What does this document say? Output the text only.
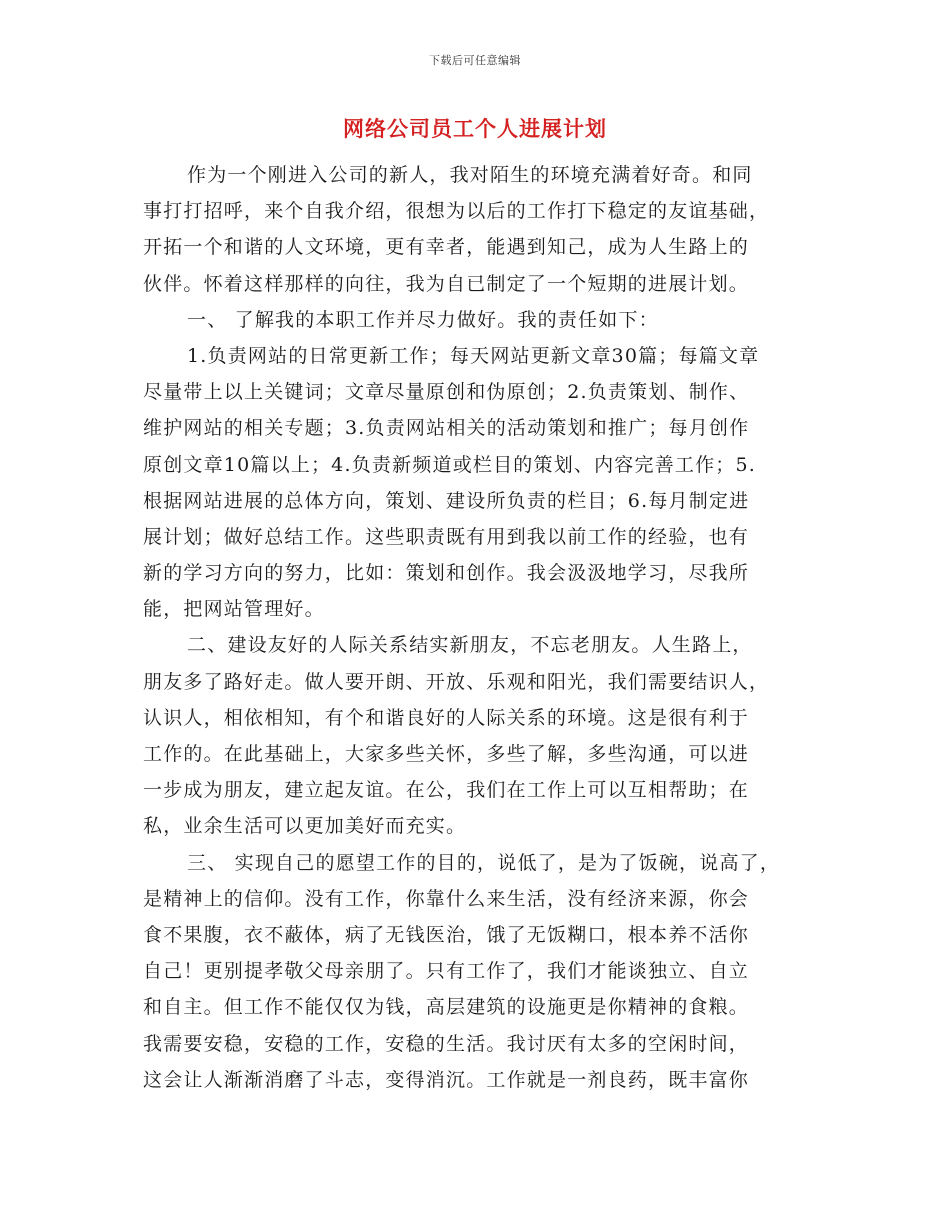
下载后可任意编辑
网络公司员工个人进展计划
作为一个刚进入公司的新人，我对陌生的环境充满着好奇。和同
事打打招呼，来个自我介绍，很想为以后的工作打下稳定的友谊基础，
开拓一个和谐的人文环境，更有幸者，能遇到知己，成为人生路上的
伙伴。怀着这样那样的向往，我为自已制定了一个短期的进展计划。
一、 了解我的本职工作并尽力做好。我的责任如下：
1.负责网站的日常更新工作；每天网站更新文章30篇；每篇文章
尽量带上以上关键词；文章尽量原创和伪原创；2.负责策划、制作、
维护网站的相关专题；3.负责网站相关的活动策划和推广；每月创作
原创文章10篇以上；4.负责新频道或栏目的策划、内容完善工作；5.
根据网站进展的总体方向，策划、建设所负责的栏目；6.每月制定进
展计划；做好总结工作。这些职责既有用到我以前工作的经验，也有
新的学习方向的努力，比如：策划和创作。我会汲汲地学习，尽我所
能，把网站管理好。
二、建设友好的人际关系结实新朋友，不忘老朋友。人生路上，
朋友多了路好走。做人要开朗、开放、乐观和阳光，我们需要结识人，
认识人，相依相知，有个和谐良好的人际关系的环境。这是很有利于
工作的。在此基础上，大家多些关怀，多些了解，多些沟通，可以进
一步成为朋友，建立起友谊。在公，我们在工作上可以互相帮助；在
私，业余生活可以更加美好而充实。
三、 实现自己的愿望工作的目的，说低了，是为了饭碗，说高了，
是精神上的信仰。没有工作，你靠什么来生活，没有经济来源，你会
食不果腹，衣不蔽体，病了无钱医治，饿了无饭糊口，根本养不活你
自己！更别提孝敬父母亲朋了。只有工作了，我们才能谈独立、自立
和自主。但工作不能仅仅为钱，高层建筑的设施更是你精神的食粮。
我需要安稳，安稳的工作，安稳的生活。我讨厌有太多的空闲时间，
这会让人渐渐消磨了斗志，变得消沉。工作就是一剂良药，既丰富你
